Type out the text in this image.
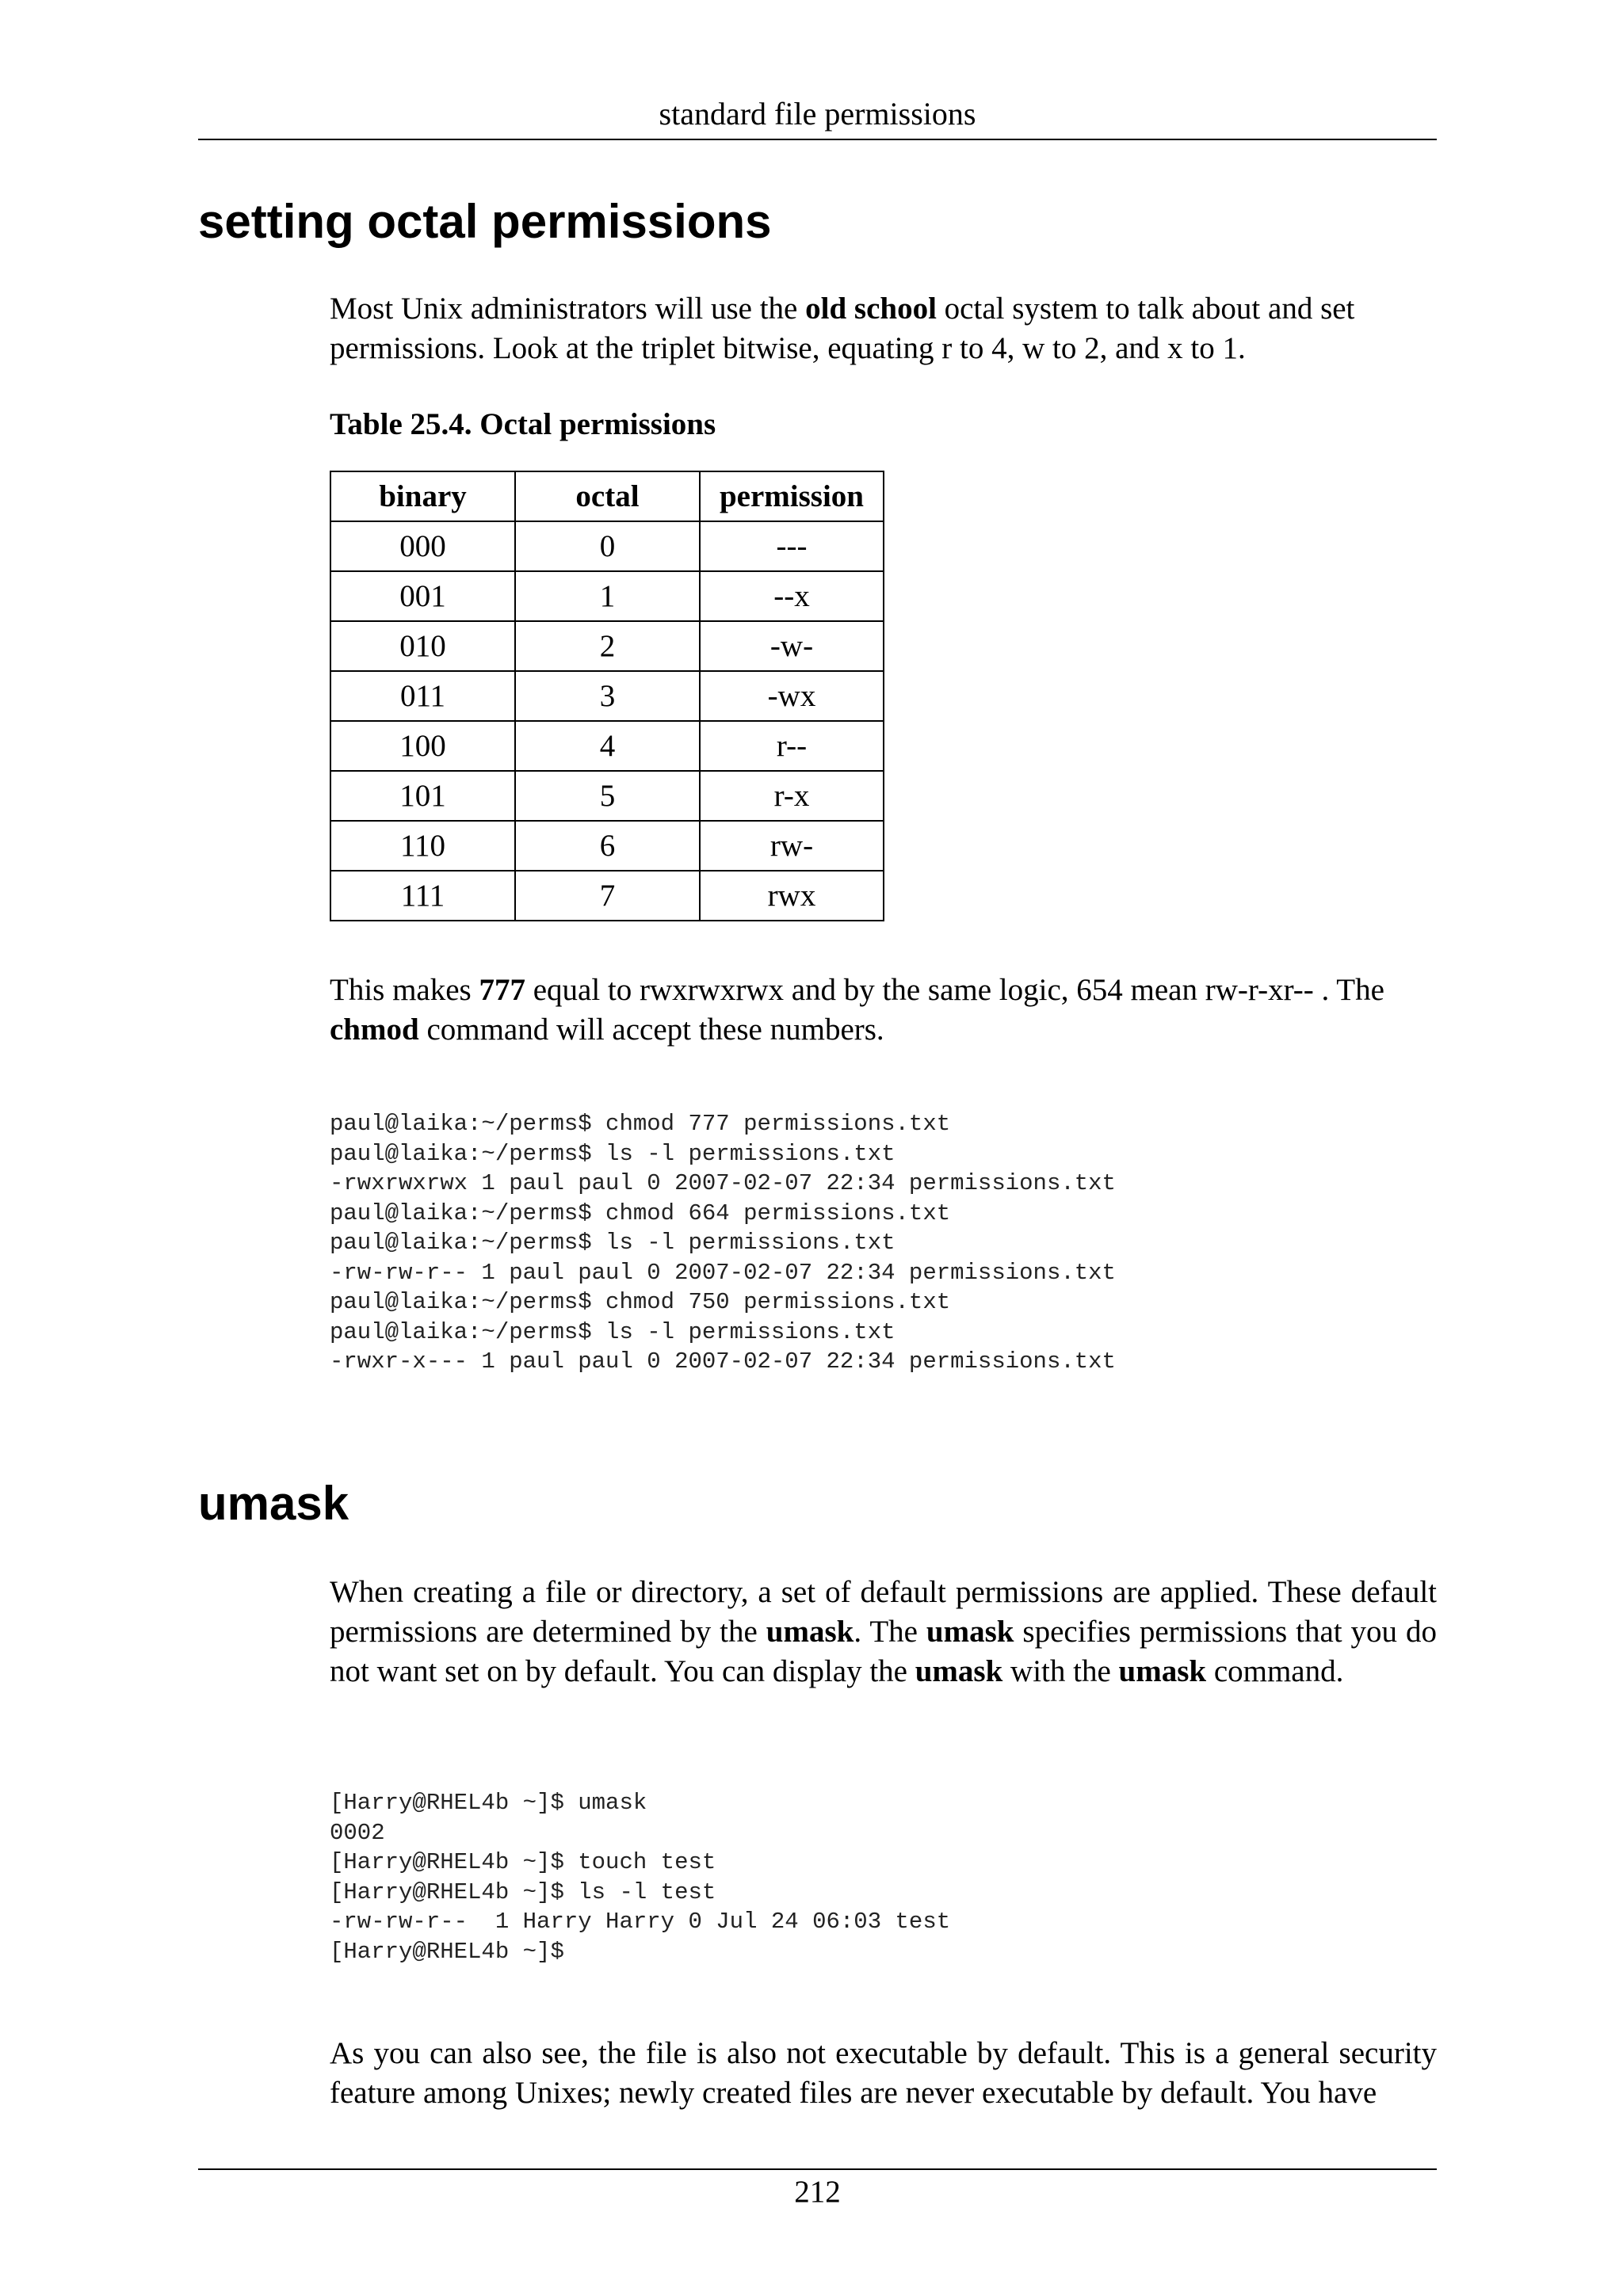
standard file permissions
setting octal permissions

Most Unix administrators will use the old school octal system to talk about and set permissions. Look at the triplet bitwise, equating r to 4, w to 2, and x to 1.

Table 25.4. Octal permissions

binary	octal	permission
000	0	---
001	1	--x
010	2	-w-
011	3	-wx
100	4	r--
101	5	r-x
110	6	rw-
111	7	rwx

This makes 777 equal to rwxrwxrwx and by the same logic, 654 mean rw-r-xr-- . The chmod command will accept these numbers.

paul@laika:~/perms$ chmod 777 permissions.txt
paul@laika:~/perms$ ls -l permissions.txt
-rwxrwxrwx 1 paul paul 0 2007-02-07 22:34 permissions.txt
paul@laika:~/perms$ chmod 664 permissions.txt
paul@laika:~/perms$ ls -l permissions.txt
-rw-rw-r-- 1 paul paul 0 2007-02-07 22:34 permissions.txt
paul@laika:~/perms$ chmod 750 permissions.txt
paul@laika:~/perms$ ls -l permissions.txt
-rwxr-x--- 1 paul paul 0 2007-02-07 22:34 permissions.txt
umask

When creating a file or directory, a set of default permissions are applied. These default permissions are determined by the umask. The umask specifies permissions that you do not want set on by default. You can display the umask with the umask command.

[Harry@RHEL4b ~]$ umask
0002
[Harry@RHEL4b ~]$ touch test
[Harry@RHEL4b ~]$ ls -l test
-rw-rw-r--  1 Harry Harry 0 Jul 24 06:03 test
[Harry@RHEL4b ~]$

As you can also see, the file is also not executable by default. This is a general security feature among Unixes; newly created files are never executable by default. You have

212
